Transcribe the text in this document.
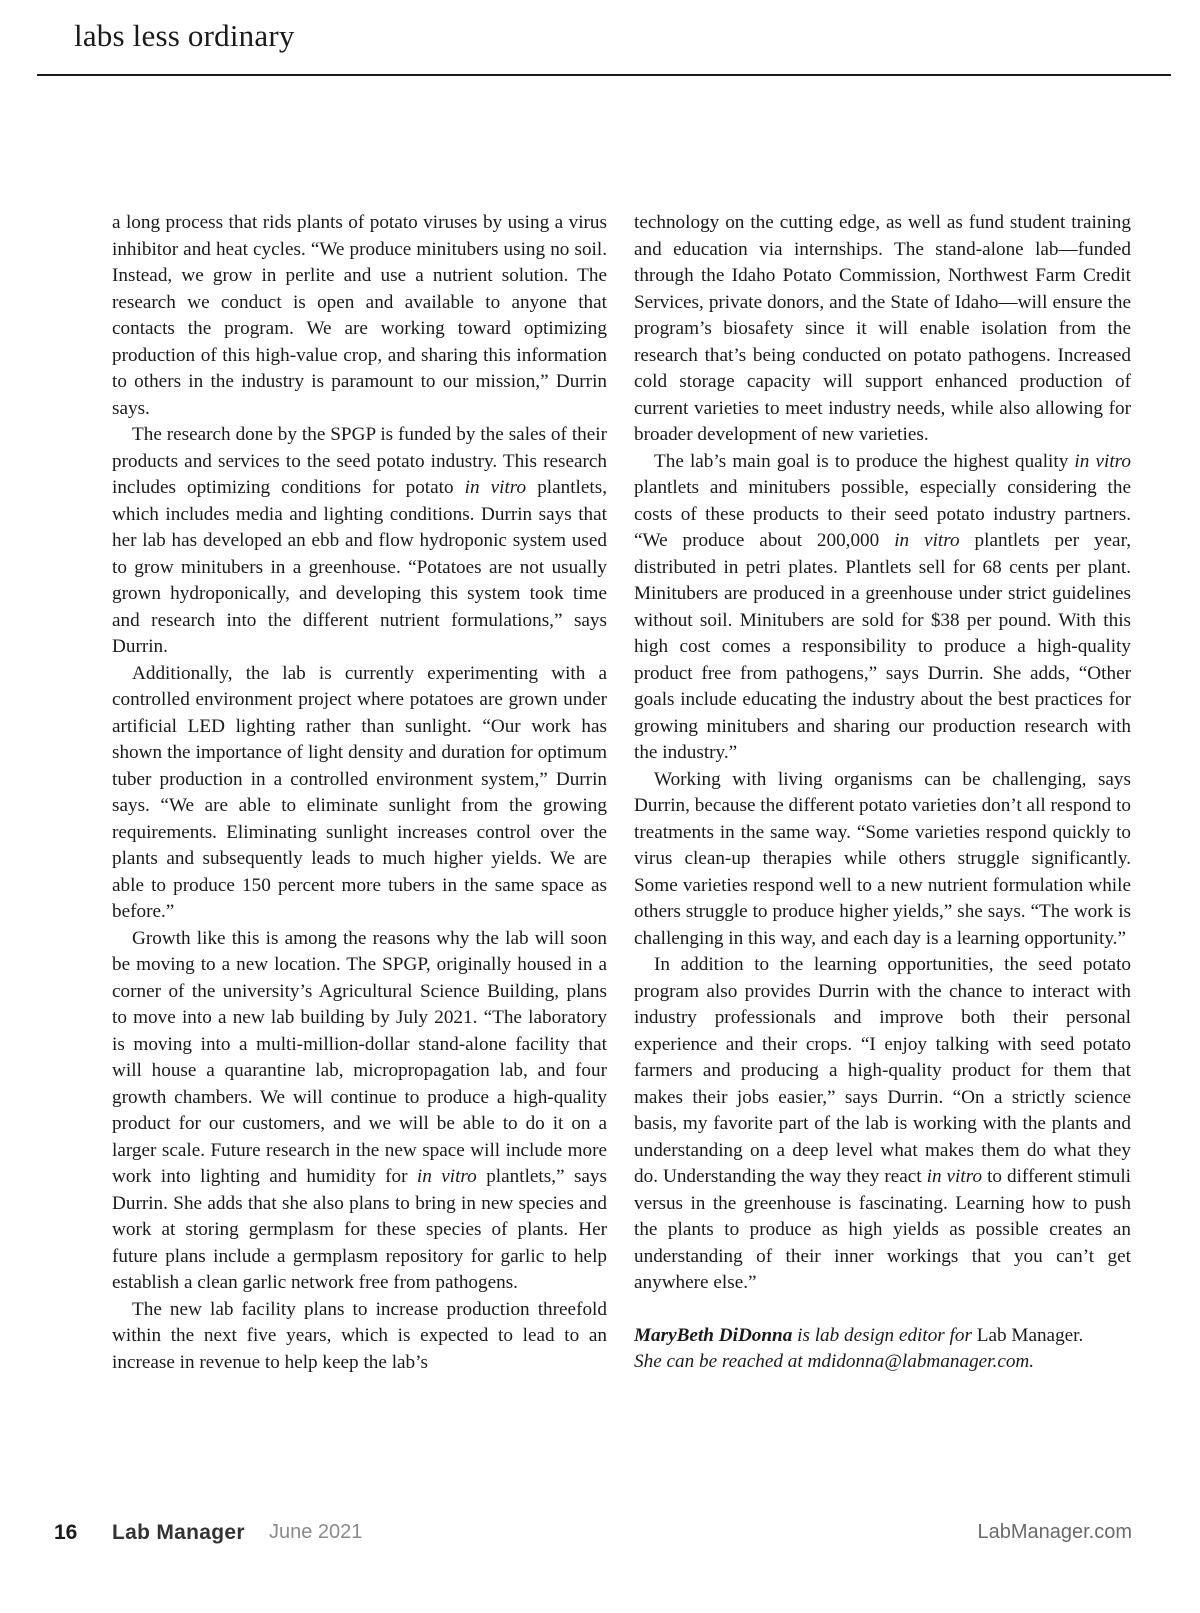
labs less ordinary

a long process that rids plants of potato viruses by using a virus inhibitor and heat cycles. “We produce minitubers using no soil. Instead, we grow in perlite and use a nutrient solution. The research we conduct is open and available to anyone that contacts the program. We are working toward optimizing production of this high-value crop, and sharing this information to others in the industry is paramount to our mission,” Durrin says.

The research done by the SPGP is funded by the sales of their products and services to the seed potato industry. This research includes optimizing conditions for potato in vitro plantlets, which includes media and lighting conditions. Durrin says that her lab has developed an ebb and flow hydroponic system used to grow minitubers in a greenhouse. “Potatoes are not usually grown hydroponically, and developing this system took time and research into the different nutrient formulations,” says Durrin.

Additionally, the lab is currently experimenting with a controlled environment project where potatoes are grown under artificial LED lighting rather than sunlight. “Our work has shown the importance of light density and duration for optimum tuber production in a controlled environment system,” Durrin says. “We are able to eliminate sunlight from the growing requirements. Eliminating sunlight increases control over the plants and subsequently leads to much higher yields. We are able to produce 150 percent more tubers in the same space as before.”

Growth like this is among the reasons why the lab will soon be moving to a new location. The SPGP, originally housed in a corner of the university’s Agricultural Science Building, plans to move into a new lab building by July 2021. “The laboratory is moving into a multi-million-dollar stand-alone facility that will house a quarantine lab, micropropagation lab, and four growth chambers. We will continue to produce a high-quality product for our customers, and we will be able to do it on a larger scale. Future research in the new space will include more work into lighting and humidity for in vitro plantlets,” says Durrin. She adds that she also plans to bring in new species and work at storing germplasm for these species of plants. Her future plans include a germplasm repository for garlic to help establish a clean garlic network free from pathogens.

The new lab facility plans to increase production threefold within the next five years, which is expected to lead to an increase in revenue to help keep the lab’s

technology on the cutting edge, as well as fund student training and education via internships. The stand-alone lab—funded through the Idaho Potato Commission, Northwest Farm Credit Services, private donors, and the State of Idaho—will ensure the program’s biosafety since it will enable isolation from the research that’s being conducted on potato pathogens. Increased cold storage capacity will support enhanced production of current varieties to meet industry needs, while also allowing for broader development of new varieties.

The lab’s main goal is to produce the highest quality in vitro plantlets and minitubers possible, especially considering the costs of these products to their seed potato industry partners. “We produce about 200,000 in vitro plantlets per year, distributed in petri plates. Plantlets sell for 68 cents per plant. Minitubers are produced in a greenhouse under strict guidelines without soil. Minitubers are sold for $38 per pound. With this high cost comes a responsibility to produce a high-quality product free from pathogens,” says Durrin. She adds, “Other goals include educating the industry about the best practices for growing minitubers and sharing our production research with the industry.”

Working with living organisms can be challenging, says Durrin, because the different potato varieties don’t all respond to treatments in the same way. “Some varieties respond quickly to virus clean-up therapies while others struggle significantly. Some varieties respond well to a new nutrient formulation while others struggle to produce higher yields,” she says. “The work is challenging in this way, and each day is a learning opportunity.”

In addition to the learning opportunities, the seed potato program also provides Durrin with the chance to interact with industry professionals and improve both their personal experience and their crops. “I enjoy talking with seed potato farmers and producing a high-quality product for them that makes their jobs easier,” says Durrin. “On a strictly science basis, my favorite part of the lab is working with the plants and understanding on a deep level what makes them do what they do. Understanding the way they react in vitro to different stimuli versus in the greenhouse is fascinating. Learning how to push the plants to produce as high yields as possible creates an understanding of their inner workings that you can’t get anywhere else.”

MaryBeth DiDonna is lab design editor for Lab Manager.
She can be reached at mdidonna@labmanager.com.

16 Lab Manager June 2021	LabManager.com
